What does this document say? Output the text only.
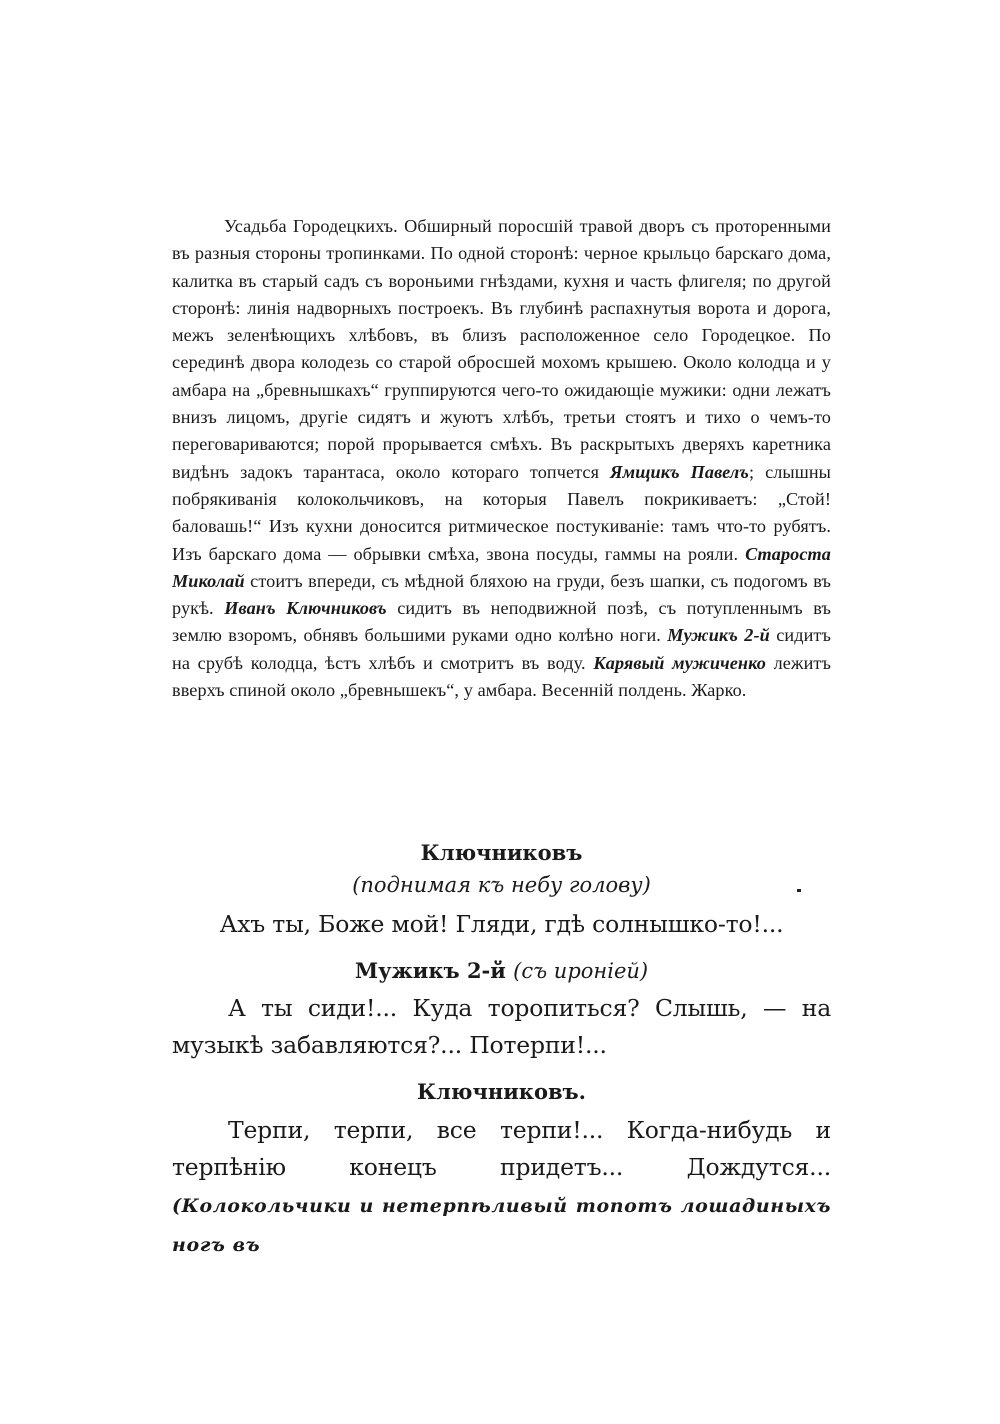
Усадьба Городецкихъ. Обширный поросшій травой дворъ съ протоpенными въ разныя стороны тропинками. По одной сторонѣ: черное крыльцо барскаго дома, калитка въ старый садъ съ вороньими гнѣздами, кухня и часть флигеля; по другой сторонѣ: линія надворныхъ построекъ. Въ глубинѣ распахнутыя ворота и дорога, межъ зеленѣющихъ хлѣбовъ, въ близъ расположенное село Городецкое. По серединѣ двора колодезь со старой обросшей мохомъ крышею. Около колодца и у амбара на „бревнышкахъ“ группируются чего-то ожидающіе мужики: одни лежатъ внизъ лицомъ, другіе сидятъ и жуютъ хлѣбъ, третьи стоятъ и тихо о чемъ-то переговариваются; порой прорывается смѣхъ. Въ раскрытыхъ дверяхъ каретника видѣнъ задокъ тарантаса, около котораго топчется Ямщикъ Павелъ; слышны побрякиванія колокольчиковъ, на которыя Павелъ покрикиваетъ: „Стой! баловашь!“ Изъ кухни доносится ритмическое постукиваніе: тамъ что-то рубятъ. Изъ барскаго дома — обрывки смѣха, звона посуды, гаммы на рояли. Староста Миколай стоитъ впереди, съ мѣдной бляхою на груди, безъ шапки, съ подогомъ въ рукѣ. Иванъ Ключниковъ сидитъ въ неподвижной позѣ, съ потупленнымъ въ землю взоромъ, обнявъ большими руками одно колѣно ноги. Мужикъ 2-й сидитъ на срубѣ колодца, ѣстъ хлѣбъ и смотритъ въ воду. Карявый мужиченко лежитъ вверхъ спиной около „бревнышекъ“, у амбара. Весенній полдень. Жарко.
Ключниковъ
(поднимая къ небу голову)
Ахъ ты, Боже мой! Гляди, гдѣ солнышко-то!...
Мужикъ 2-й (съ ироніей)
А ты сиди!... Куда торопиться? Слышь, — на музыкѣ забавляются?... Потерпи!...
Ключниковъ.
Терпи, терпи, все терпи!... Когда-нибудь и терпѣнію конецъ придетъ... Дождутся... (Колокольчики и нетерпѣливый топотъ лошадиныхъ ногъ въ
